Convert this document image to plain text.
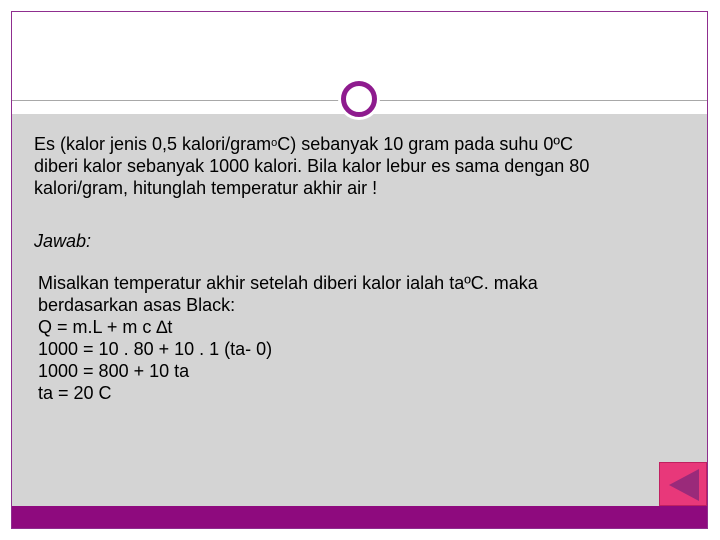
Es (kalor jenis 0,5 kalori/gram$^o$C) sebanyak 10 gram pada suhu 0ºC
diberi kalor sebanyak 1000 kalori. Bila kalor lebur es sama dengan 80
kalori/gram, hitunglah temperatur akhir air !
Jawab:
Misalkan temperatur akhir setelah diberi kalor ialah taºC. maka
berdasarkan asas Black:
Q = m.L + m c ∆t
1000 = 10 . 80 + 10 . 1 (ta- 0)
1000 = 800 + 10 ta
ta = 20 C
